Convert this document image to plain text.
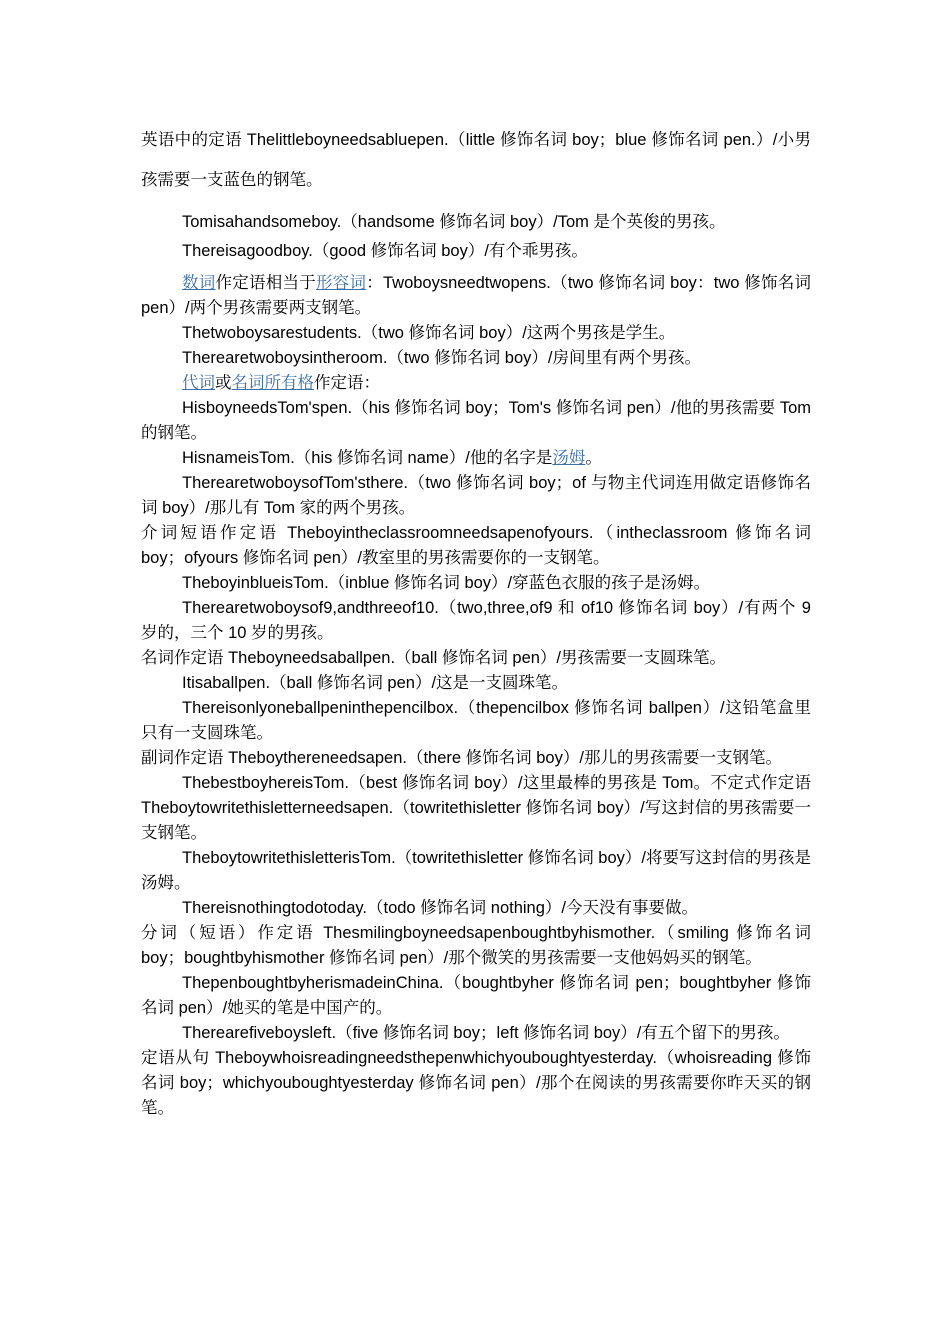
英语中的定语 Thelittleboyneedsabluepen.（little 修饰名词 boy；blue 修饰名词 pen.）/小男孩需要一支蓝色的钢笔。

Tomisahandsomeboy.（handsome 修饰名词 boy）/Tom 是个英俊的男孩。

Thereisagoodboy.（good 修饰名词 boy）/有个乖男孩。

数词作定语相当于形容词：Twoboysneedtwopens.（two 修饰名词 boy：two 修饰名词 pen）/两个男孩需要两支钢笔。

Thetwoboysarestudents.（two 修饰名词 boy）/这两个男孩是学生。

Therearetwoboysintheroom.（two 修饰名词 boy）/房间里有两个男孩。

代词或名词所有格作定语：

HisboyneedsTom'spen.（his 修饰名词 boy；Tom's 修饰名词 pen）/他的男孩需要 Tom 的钢笔。

HisnameisTom.（his 修饰名词 name）/他的名字是汤姆。

TherearetwoboysofTom'sthere.（two 修饰名词 boy；of 与物主代词连用做定语修饰名词 boy）/那儿有 Tom 家的两个男孩。

介词短语作定语 Theboyintheclassroomneedsapenofyours.（intheclassroom 修饰名词 boy；ofyours 修饰名词 pen）/教室里的男孩需要你的一支钢笔。

TheboyinblueisTom.（inblue 修饰名词 boy）/穿蓝色衣服的孩子是汤姆。

Therearetwoboysof9,andthreeof10.（two,three,of9 和 of10 修饰名词 boy）/有两个 9 岁的，三个 10 岁的男孩。

名词作定语 Theboyneedsaballpen.（ball 修饰名词 pen）/男孩需要一支圆珠笔。

Itisaballpen.（ball 修饰名词 pen）/这是一支圆珠笔。

Thereisonlyoneballpeninthepencilbox.（thepencilbox 修饰名词 ballpen）/这铅笔盒里只有一支圆珠笔。

副词作定语 Theboythereneedsapen.（there 修饰名词 boy）/那儿的男孩需要一支钢笔。

ThebestboyhereisTom.（best 修饰名词 boy）/这里最棒的男孩是 Tom。不定式作定语 Theboytowritethisletterneedsapen.（towritethisletter 修饰名词 boy）/写这封信的男孩需要一支钢笔。

TheboytowritethisletterisTom.（towritethisletter 修饰名词 boy）/将要写这封信的男孩是汤姆。

Thereisnothingtodotoday.（todo 修饰名词 nothing）/今天没有事要做。

分词（短语）作定语 Thesmilingboyneedsapenboughtbyhismother.（smiling 修饰名词 boy；boughtbyhismother 修饰名词 pen）/那个微笑的男孩需要一支他妈妈买的钢笔。

ThepenboughtbyherismadeinChina.（boughtbyher 修饰名词 pen；boughtbyher 修饰名词 pen）/她买的笔是中国产的。

Therearefiveboysleft.（five 修饰名词 boy；left 修饰名词 boy）/有五个留下的男孩。

定语从句 Theboywhoisreadingneedsthepenwhichyouboughtyesterday.（whoisreading 修饰名词 boy；whichyouboughtyesterday 修饰名词 pen）/那个在阅读的男孩需要你昨天买的钢笔。
